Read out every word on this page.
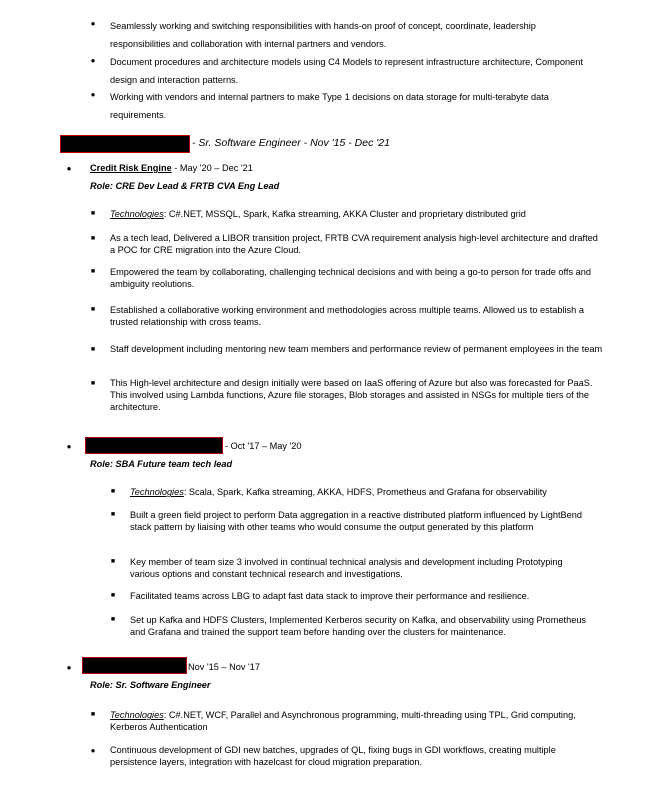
● Seamlessly working and switching responsibilities with hands-on proof of concept, coordinate, leadership responsibilities and collaboration with internal partners and vendors.
● Document procedures and architecture models using C4 Models to represent infrastructure architecture, Component design and interaction patterns.
● Working with vendors and internal partners to make Type 1 decisions on data storage for multi-terabyte data requirements.
- Sr. Software Engineer - Nov '15 - Dec '21
● Credit Risk Engine - May '20 – Dec '21
Role: CRE Dev Lead & FRTB CVA Eng Lead
■	Technologies: C#.NET, MSSQL, Spark, Kafka streaming, AKKA Cluster and proprietary distributed grid
■	As a tech lead, Delivered a LIBOR transition project, FRTB CVA requirement analysis high-level architecture and drafted a POC for CRE migration into the Azure Cloud.
■	Empowered the team by collaborating, challenging technical decisions and with being a go-to person for trade offs and ambiguity reolutions.
■	Established a collaborative working environment and methodologies across multiple teams. Allowed us to establish a trusted relationship with cross teams.
■	Staff development including mentoring new team members and performance review of permanent employees in the team
■	This High-level architecture and design initially were based on IaaS offering of Azure but also was forecasted for PaaS. This involved using Lambda functions, Azure file storages, Blob storages and assisted in NSGs for multiple tiers of the architecture.
●	- Oct '17 – May '20
Role: SBA Future team tech lead
■	Technologies: Scala, Spark, Kafka streaming, AKKA, HDFS, Prometheus and Grafana for observability
■	Built a green field project to perform Data aggregation in a reactive distributed platform influenced by LightBend stack pattern by liaising with other teams who would consume the output generated by this platform
■	Key member of team size 3 involved in continual technical analysis and development including Prototyping various options and constant technical research and investigations.
■	Facilitated teams across LBG to adapt fast data stack to improve their performance and resilience.
■	Set up Kafka and HDFS Clusters, Implemented Kerberos security on Kafka, and observability using Prometheus and Grafana and trained the support team before handing over the clusters for maintenance.
●	Nov '15 – Nov '17
Role: Sr. Software Engineer
■	Technologies: C#.NET, WCF, Parallel and Asynchronous programming, multi-threading using TPL, Grid computing, Kerberos Authentication
● Continuous development of GDI new batches, upgrades of QL, fixing bugs in GDI workflows, creating multiple persistence layers, integration with hazelcast for cloud migration preparation.
